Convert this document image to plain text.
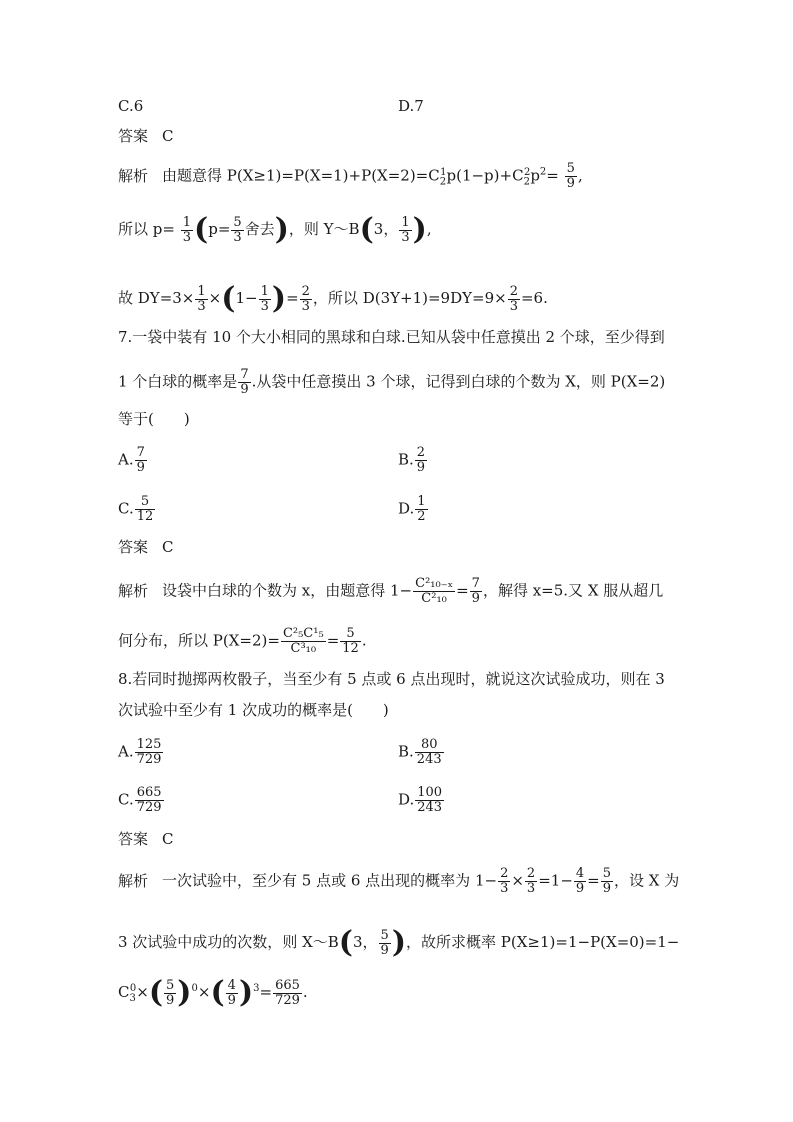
C.6	D.7
答案 C
解析 由题意得 $P(X\ge 1)=P(X=1)+P(X=2)=C_2^1p(1-p)+C_2^2p^2= \frac{5}{9}$ ,
所以 $p= \frac{1}{3} (p= \frac{5}{3}$ 舍去)，则 Y～B(3， $\frac{1}{3}$ ),
故 $DY=3\times \frac{1}{3} \times(1- \frac{1}{3}$ )= $\frac{2}{3}$ ，所以 $D(3Y+1)=9DY=9\times \frac{2}{3} =6$.
7.一袋中装有 10 个大小相同的黑球和白球.已知从袋中任意摸出 2 个球，至少得到
1 个白球的概率是 $\frac{7}{9}$ .从袋中任意摸出 3 个球，记得到白球的个数为 X，则 P(X=2)
等于(　　)
A. $\frac{7}{9}$	B. $\frac{2}{9}$
C. $\frac{5}{12}$	D. $\frac{1}{2}$
答案 C
解析 设袋中白球的个数为 x，由题意得 $1- \frac{\text{C²₁₀₋ₓ}}{\text{C²₁₀}} = \frac{7}{9}$ ，解得 x=5.又 X 服从超几
何分布，所以 $P(X=2)= \frac{\text{C²₅C¹₅}}{\text{C³₁₀}} = \frac{5}{12}$ .
8.若同时抛掷两枚骰子，当至少有 5 点或 6 点出现时，就说这次试验成功，则在 3
次试验中至少有 1 次成功的概率是(　　)
A. $\frac{125}{729}$	B. $\frac{80}{243}$
C. $\frac{665}{729}$	D. $\frac{100}{243}$
答案 C
解析 一次试验中，至少有 5 点或 6 点出现的概率为 $1- \frac{2}{3} \times \frac{2}{3} =1- \frac{4}{9} = \frac{5}{9}$ ，设 X 为
3 次试验中成功的次数，则 X～B(3， $\frac{5}{9}$ )，故所求概率 P(X≥1)=1−P(X=0)=1−
$C_3^0\times( \frac{5}{9} )^0\times( \frac{4}{9} )^3= \frac{665}{729}$ .
